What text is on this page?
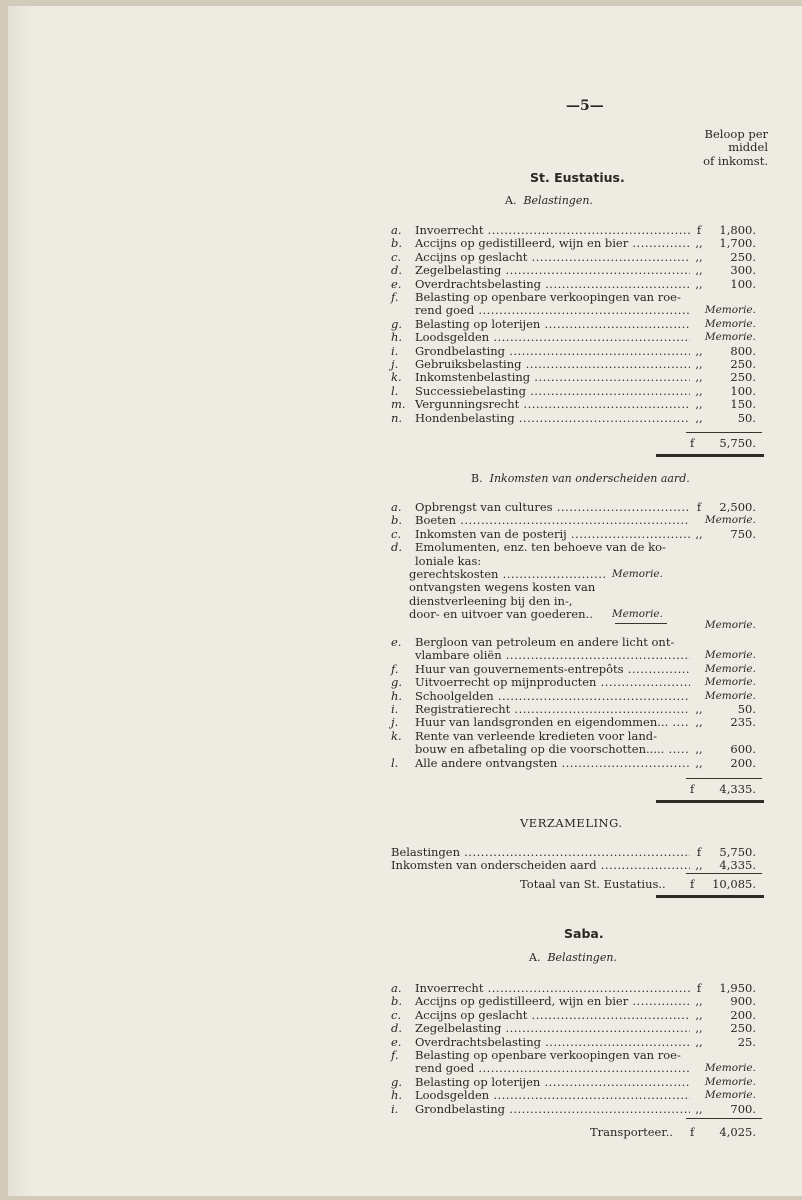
—5—
Beloop per
middel
of inkomst.
St. Eustatius.
A. Belastingen.
a. Invoerrecht .....	f	1,800.
b. Accijns op gedistilleerd, wijn en bier .....	,, 1,700.
c. Accijns op geslacht .....	,, 250.
d. Zegelbelasting .....	,, 300.
e. Overdrachtsbelasting .....	,, 100.
f. Belasting op openbare verkoopingen van roe-
rend goed .....	Memorie.
g. Belasting op loterijen .....	Memorie.
h. Loodsgelden .....	Memorie.
i. Grondbelasting .....	,, 800.
j. Gebruiksbelasting .....	,, 250.
k. Inkomstenbelasting .....	,, 250.
l. Successiebelasting .....	,, 100.
m. Vergunningsrecht .....	,, 150.
n. Hondenbelasting .....	,,	50.
f	5,750.
B. Inkomsten van onderscheiden aard.
a. Opbrengst van cultures .....	f	2,500.
b. Boeten .....	Memorie.
c. Inkomsten van de posterij .....	,, 750.
d. Emolumenten, enz. ten behoeve van de ko-
loniale kas:
gerechtskosten .....	Memorie.
ontvangsten wegens kosten van
dienstverleening bij den in-,
door- en uitvoer van goederen..	Memorie.
Memorie.
e. Bergloon van petroleum en andere licht ont-
vlambare oliën .....	Memorie.
f. Huur van gouvernements-entrepôts .....	Memorie.
g. Uitvoerrecht op mijnproducten .....	Memorie.
h. Schoolgelden .....	Memorie.
i. Registratierecht .....	,,	50.
j. Huur van landsgronden en eigendommen... .....	,, 235.
k. Rente van verleende kredieten voor land-
bouw en afbetaling op die voorschotten..... .....	,, 600.
l. Alle andere ontvangsten .....	,, 200.
f	4,335.
VERZAMELING.
Belastingen .....	f	5,750.
Inkomsten van onderscheiden aard .....	,, 4,335.
Totaal van St. Eustatius.. f	10,085.
Saba.
A. Belastingen.
a. Invoerrecht .....	f	1,950.
b. Accijns op gedistilleerd, wijn en bier .....	,, 900.
c. Accijns op geslacht .....	,, 200.
d. Zegelbelasting .....	,, 250.
e. Overdrachtsbelasting .....	,,	25.
f. Belasting op openbare verkoopingen van roe-
rend goed .....	Memorie.
g. Belasting op loterijen .....	Memorie.
h. Loodsgelden .....	Memorie.
i. Grondbelasting .....	,, 700.
Transporteer.. f	4,025.
